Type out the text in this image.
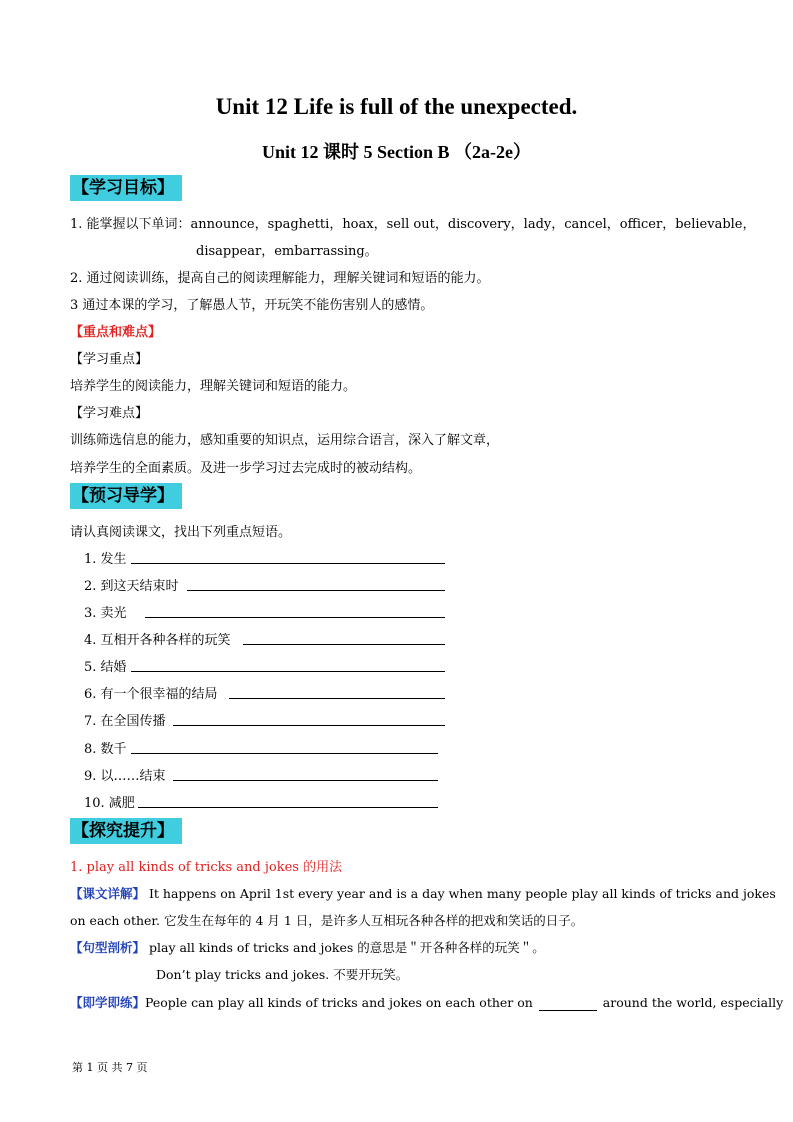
Unit 12 Life is full of the unexpected.
Unit 12 课时 5 Section B （2a-2e）
【学习目标】
1. 能掌握以下单词：announce，spaghetti，hoax，sell out，discovery，lady，cancel，officer，believable，
disappear，embarrassing。
2. 通过阅读训练，提高自己的阅读理解能力，理解关键词和短语的能力。
3 通过本课的学习，了解愚人节，开玩笑不能伤害别人的感情。
【重点和难点】
【学习重点】
培养学生的阅读能力，理解关键词和短语的能力。
【学习难点】
训练筛选信息的能力，感知重要的知识点，运用综合语言，深入了解文章，
培养学生的全面素质。及进一步学习过去完成时的被动结构。
【预习导学】
请认真阅读课文，找出下列重点短语。
1. 发生
2. 到这天结束时
3. 卖光
4. 互相开各种各样的玩笑
5. 结婚
6. 有一个很幸福的结局
7. 在全国传播
8. 数千
9. 以……结束
10. 减肥
【探究提升】
1. play all kinds of tricks and jokes 的用法
【课文详解】 It happens on April 1st every year and is a day when many people play all kinds of tricks and jokes
on each other. 它发生在每年的 4 月 1 日，是许多人互相玩各种各样的把戏和笑话的日子。
【句型剖析】 play all kinds of tricks and jokes 的意思是＂开各种各样的玩笑＂。
Don’t play tricks and jokes. 不要开玩笑。
【即学即练】People can play all kinds of tricks and jokes on each other on	around the world, especially
第 1 页 共 7 页
